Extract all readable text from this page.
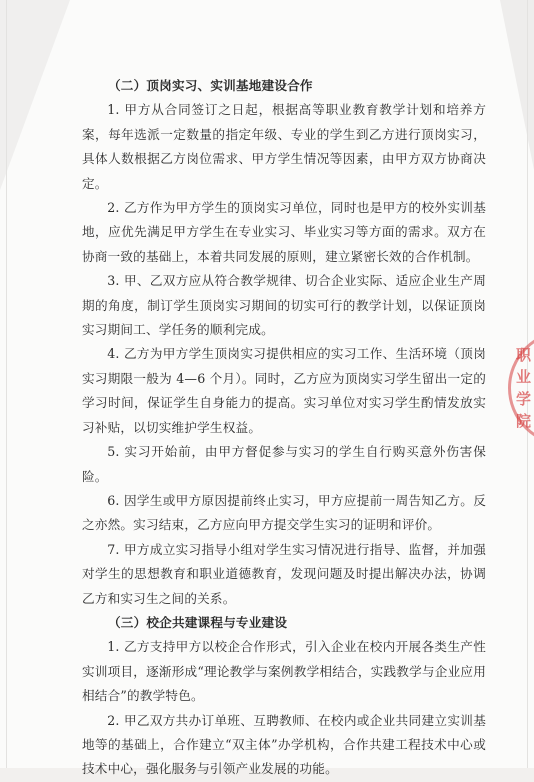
（二）顶岗实习、实训基地建设合作

1. 甲方从合同签订之日起，根据高等职业教育教学计划和培养方案，每年选派一定数量的指定年级、专业的学生到乙方进行顶岗实习，具体人数根据乙方岗位需求、甲方学生情况等因素，由甲方双方协商决定。

2. 乙方作为甲方学生的顶岗实习单位，同时也是甲方的校外实训基地，应优先满足甲方学生在专业实习、毕业实习等方面的需求。双方在协商一致的基础上，本着共同发展的原则，建立紧密长效的合作机制。

3. 甲、乙双方应从符合教学规律、切合企业实际、适应企业生产周期的角度，制订学生顶岗实习期间的切实可行的教学计划，以保证顶岗实习期间工、学任务的顺利完成。

4. 乙方为甲方学生顶岗实习提供相应的实习工作、生活环境（顶岗实习期限一般为 4—6 个月）。同时，乙方应为顶岗实习学生留出一定的学习时间，保证学生自身能力的提高。实习单位对实习学生酌情发放实习补贴，以切实维护学生权益。

5. 实习开始前，由甲方督促参与实习的学生自行购买意外伤害保险。

6. 因学生或甲方原因提前终止实习，甲方应提前一周告知乙方。反之亦然。实习结束，乙方应向甲方提交学生实习的证明和评价。

7. 甲方成立实习指导小组对学生实习情况进行指导、监督，并加强对学生的思想教育和职业道德教育，发现问题及时提出解决办法，协调乙方和实习生之间的关系。

（三）校企共建课程与专业建设

1. 乙方支持甲方以校企合作形式，引入企业在校内开展各类生产性实训项目，逐渐形成“理论教学与案例教学相结合，实践教学与企业应用相结合”的教学特色。

2. 甲乙双方共办订单班、互聘教师、在校内或企业共同建立实训基地等的基础上，合作建立“双主体”办学机构，合作共建工程技术中心或技术中心，强化服务与引领产业发展的功能。

职业学院
